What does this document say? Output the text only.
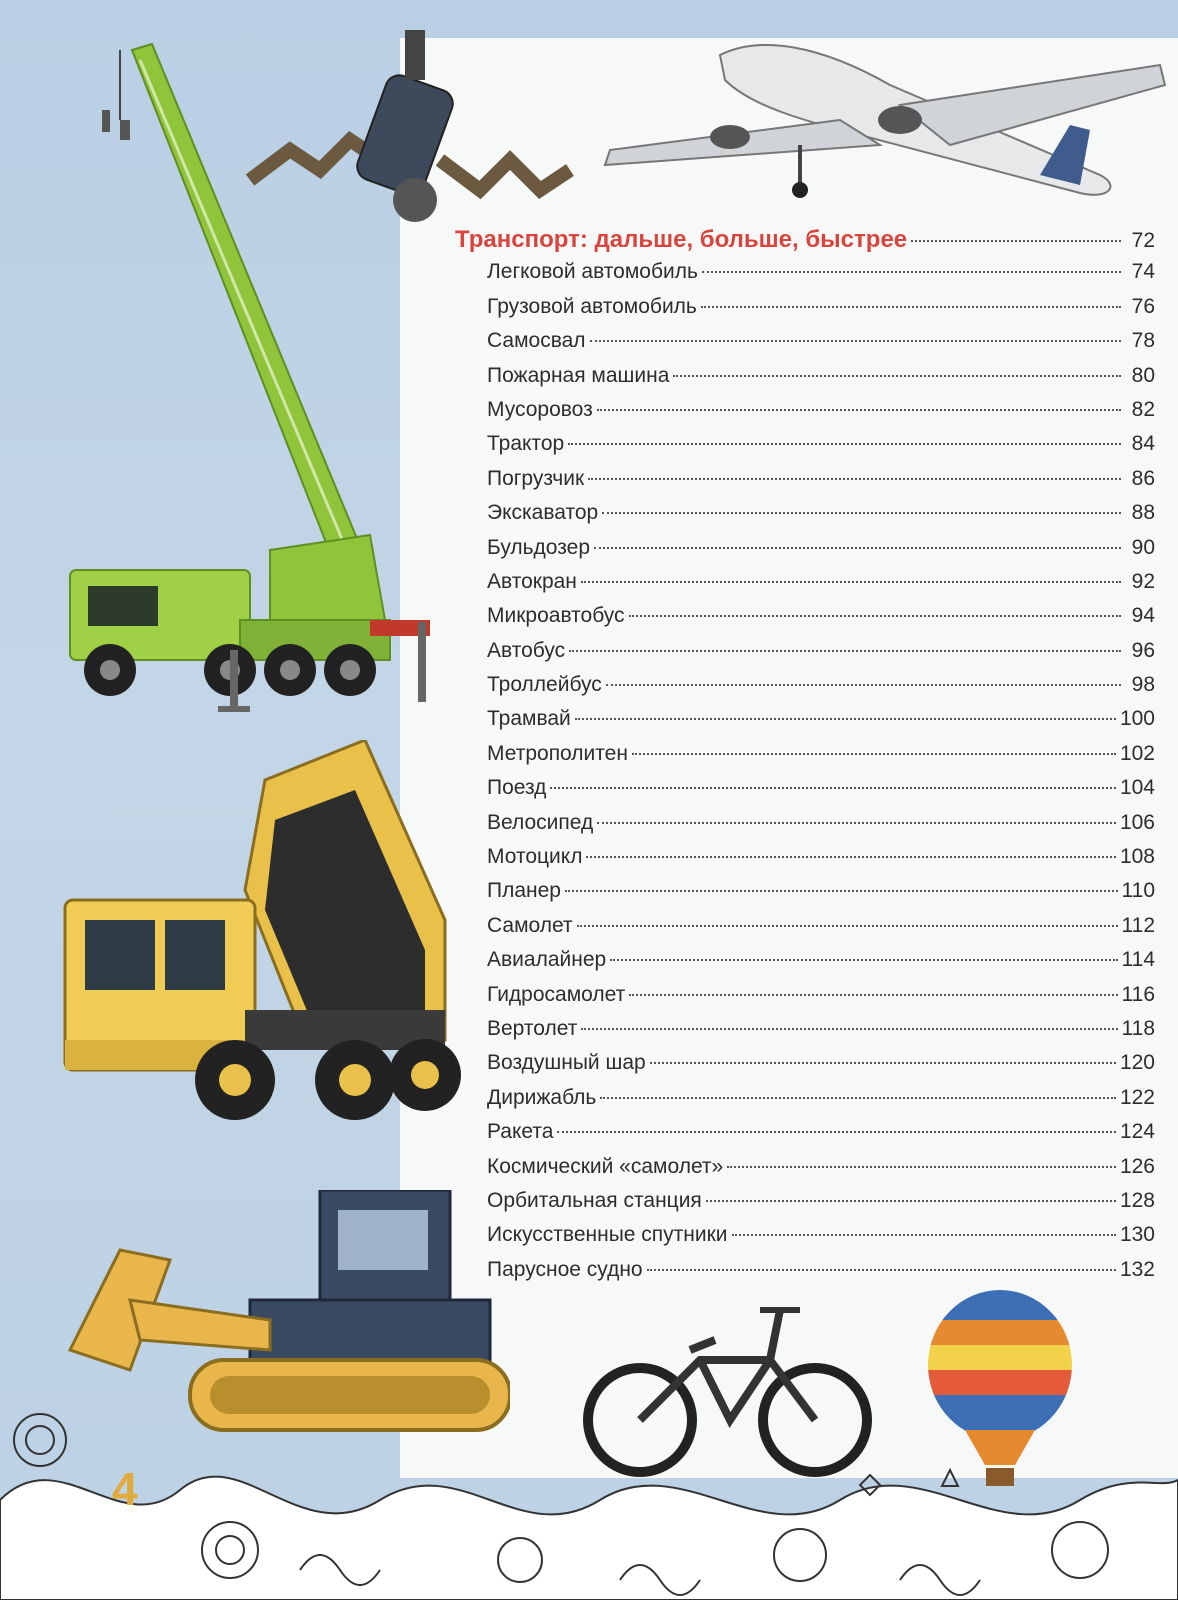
Транспорт: дальше, больше, быстрее	72
Легковой автомобиль	74
Грузовой автомобиль	76
Самосвал	78
Пожарная машина	80
Мусоровоз	82
Трактор	84
Погрузчик	86
Экскаватор	88
Бульдозер	90
Автокран	92
Микроавтобус	94
Автобус	96
Троллейбус	98
Трамвай	100
Метрополитен	102
Поезд	104
Велосипед	106
Мотоцикл	108
Планер	110
Самолет	112
Авиалайнер	114
Гидросамолет	116
Вертолет	118
Воздушный шар	120
Дирижабль	122
Ракета	124
Космический «самолет»	126
Орбитальная станция	128
Искусственные спутники	130
Парусное судно	132
4
